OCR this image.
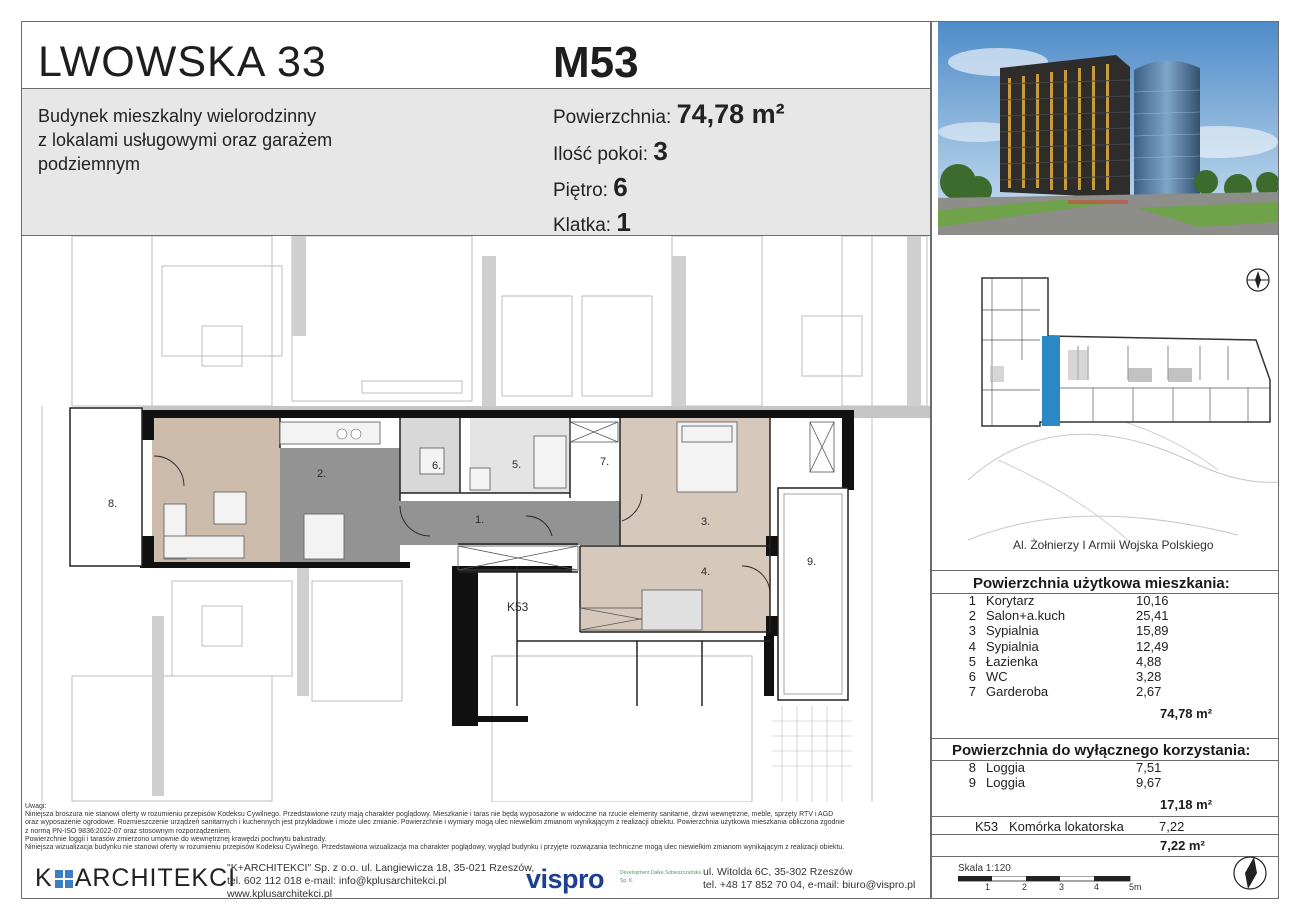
LWOWSKA 33	M53
Budynek mieszkalny wielorodzinny
z lokalami usługowymi oraz garażem
podziemnym
Powierzchnia: 74,78 m²
Ilość pokoi: 3
Piętro: 6
Klatka: 1
Al. Żołnierzy I Armii Wojska Polskiego
Powierzchnia użytkowa mieszkania:
1 Korytarz	10,16
2 Salon+a.kuch	25,41
3 Sypialnia	15,89
4 Sypialnia	12,49
5 Łazienka	4,88
6 WC	3,28
7 Garderoba	2,67
74,78 m²
Powierzchnia do wyłącznego korzystania:
8 Loggia	7,51
9 Loggia	9,67
17,18 m²
K53 Komórka lokatorska	7,22
7,22 m²
Skala 1:120
1	2	3	4	5m
8.
2.
6.	5.	7.
1.	3.
4.
9.
K53
Uwagi:
Niniejsza broszura nie stanowi oferty w rozumieniu przepisów Kodeksu Cywilnego. Przedstawione rzuty mają charakter poglądowy. Mieszkanie i taras nie będą wyposażone w widoczne na rzucie elementy sanitarne, drzwi wewnętrzne, meble, sprzęty RTV i AGD
oraz wyposażenie ogrodowe. Rozmieszczenie urządzeń sanitarnych i kuchennych jest przykładowe i może ulec zmianie. Powierzchnie i wymiary mogą ulec niewielkim zmianom wynikającym z realizacji obiektu. Powierzchnia użytkowa mieszkania obliczona zgodnie
z normą PN-ISO 9836:2022-07 oraz stosownym rozporządzeniem.
Powierzchnie loggii i tarasów zmierzono umownie do wewnętrznej krawędzi pochwytu balustrady.
Niniejsza wizualizacja budynku nie stanowi oferty w rozumieniu przepisów Kodeksu Cywilnego. Przedstawiona wizualizacja ma charakter poglądowy, wygląd budynku i przyjęte rozwiązania techniczne mogą ulec niewielkim zmianom wynikającym z realizacji obiektu.
K ARCHITEKCI
"K+ARCHITEKCI" Sp. z o.o. ul. Langiewicza 18, 35-021 Rzeszów,
tel. 602 112 018 e-mail: info@kplusarchitekci.pl
www.kplusarchitekci.pl	vispro	Development Dalke Sobieszczańska Sp. K.
ul. Witolda 6C, 35-302 Rzeszów
tel. +48 17 852 70 04, e-mail: biuro@vispro.pl
